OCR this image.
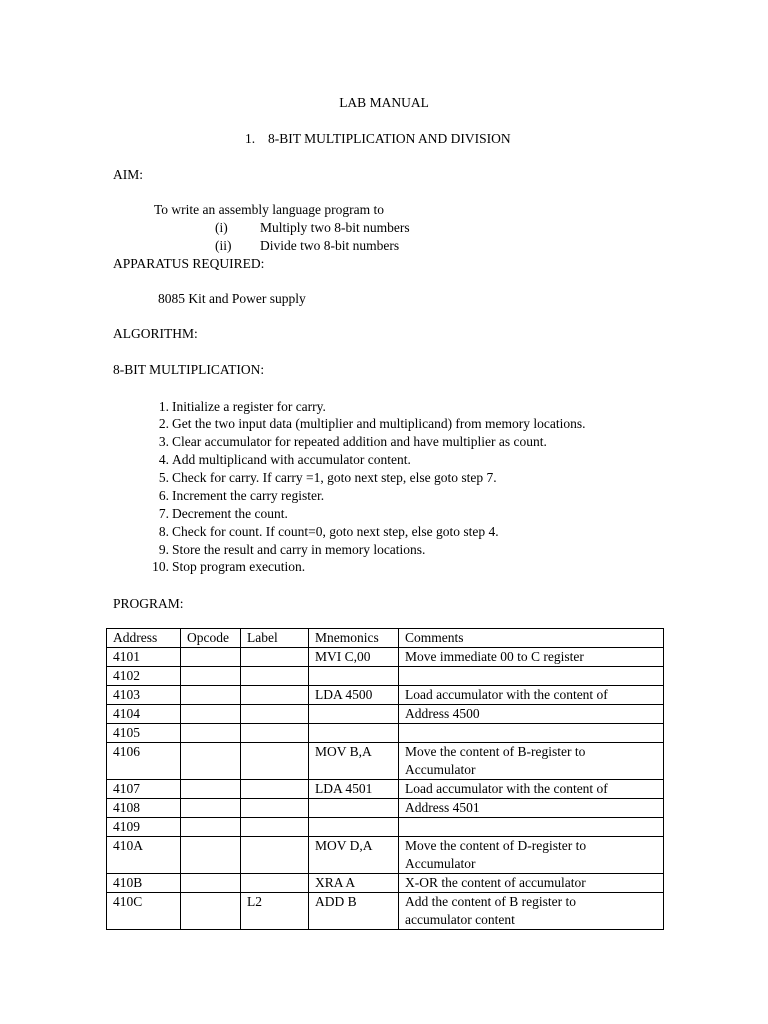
LAB MANUAL
1. 8-BIT MULTIPLICATION AND DIVISION
AIM:
To write an assembly language program to
(i) Multiply two 8-bit numbers
(ii) Divide two 8-bit numbers
APPARATUS REQUIRED:
8085 Kit and Power supply
ALGORITHM:
8-BIT MULTIPLICATION:
1. Initialize a register for carry.
2. Get the two input data (multiplier and multiplicand) from memory locations.
3. Clear accumulator for repeated addition and have multiplier as count.
4. Add multiplicand with accumulator content.
5. Check for carry. If carry =1, goto next step, else goto step 7.
6. Increment the carry register.
7. Decrement the count.
8. Check for count. If count=0, goto next step, else goto step 4.
9. Store the result and carry in memory locations.
10. Stop program execution.
PROGRAM:
Address	Opcode	Label	Mnemonics	Comments
4101			MVI C,00	Move immediate 00 to C register

4102				
4103			LDA 4500	Load accumulator with the content of

4104				Address 4500

4105				
4106			MOV B,A	Move the content of B-register to
Accumulator

4107			LDA 4501	Load accumulator with the content of

4108				Address 4501

4109				
410A			MOV D,A	Move the content of D-register to
Accumulator

410B			XRA A	X-OR the content of accumulator

410C		L2	ADD B	Add the content of B register to
accumulator content
